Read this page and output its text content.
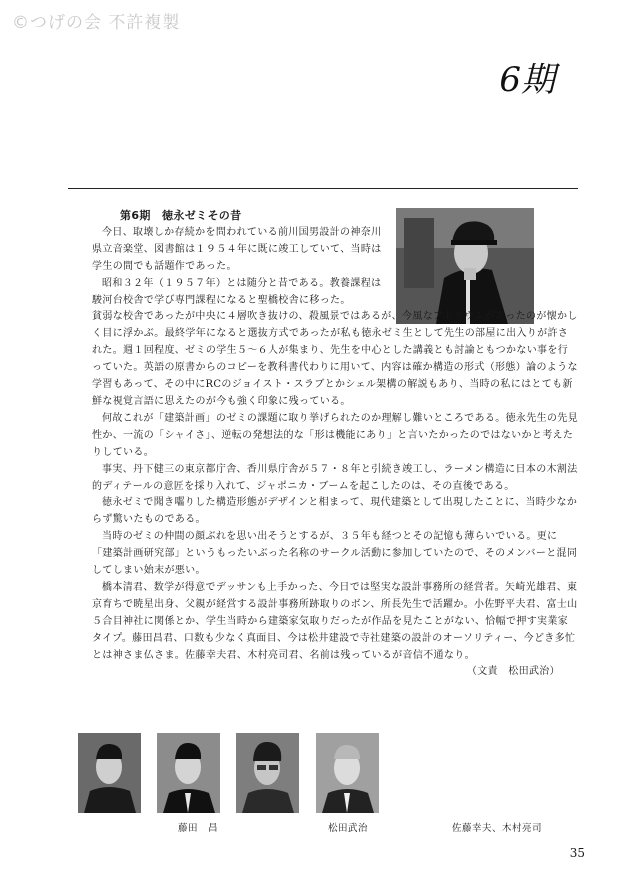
©つげの会 不許複製
6期
第6期　徳永ゼミその昔

今日、取壊しか存続かを問われている前川国男設計の神奈川県立音楽堂、図書館は１９５４年に既に竣工していて、当時は学生の間でも話題作であった。

昭和３２年（１９５７年）とは随分と昔である。教養課程は駿河台校舎で学び専門課程になると聖橋校舎に移った。

貧弱な校舎であったが中央に４層吹き抜けの、殺風景ではあるが、今風なアトリウムがあったのが懐かしく目に浮かぶ。最終学年になると選抜方式であったが私も徳永ゼミ生として先生の部屋に出入りが許された。週１回程度、ゼミの学生５〜６人が集まり、先生を中心とした講義とも討論ともつかない事を行っていた。英語の原書からのコピーを教科書代わりに用いて、内容は確か構造の形式（形態）論のような学習もあって、その中にRCのジョイスト・スラブとかシェル架構の解説もあり、当時の私にはとても新鮮な視覚言語に思えたのが今も強く印象に残っている。

何故これが「建築計画」のゼミの課題に取り挙げられたのか理解し難いところである。徳永先生の先見性か、一流の「シャイさ」、逆転の発想法的な「形は機能にあり」と言いたかったのではないかと考えたりしている。

事実、丹下健三の東京都庁舎、香川県庁舎が５７・８年と引続き竣工し、ラーメン構造に日本の木割法的ディテールの意匠を採り入れて、ジャポニカ・ブームを起こしたのは、その直後である。

徳永ゼミで聞き囓りした構造形態がデザインと相まって、現代建築として出現したことに、当時少なからず驚いたものである。

当時のゼミの仲間の顔ぶれを思い出そうとするが、３５年も経つとその記憶も薄らいでいる。更に「建築計画研究部」というもったいぶった名称のサークル活動に参加していたので、そのメンバーと混同してしまい始末が悪い。

橋本清君、数学が得意でデッサンも上手かった、今日では堅実な設計事務所の経営者。矢崎光雄君、東京育ちで暁星出身、父親が経営する設計事務所跡取りのボン、所長先生で活躍か。小佐野平夫君、富士山５合目神社に関係とか、学生当時から建築家気取りだったが作品を見たことがない、恰幅で押す実業家タイプ。藤田昌君、口数も少なく真面目、今は松井建設で寺社建築の設計のオーソリティー、今どき多忙とは神さま仏さま。佐藤幸夫君、木村亮司君、名前は残っているが音信不通なり。

（文責　松田武治）
藤田　昌	松田武治	佐藤幸夫、木村亮司
35
